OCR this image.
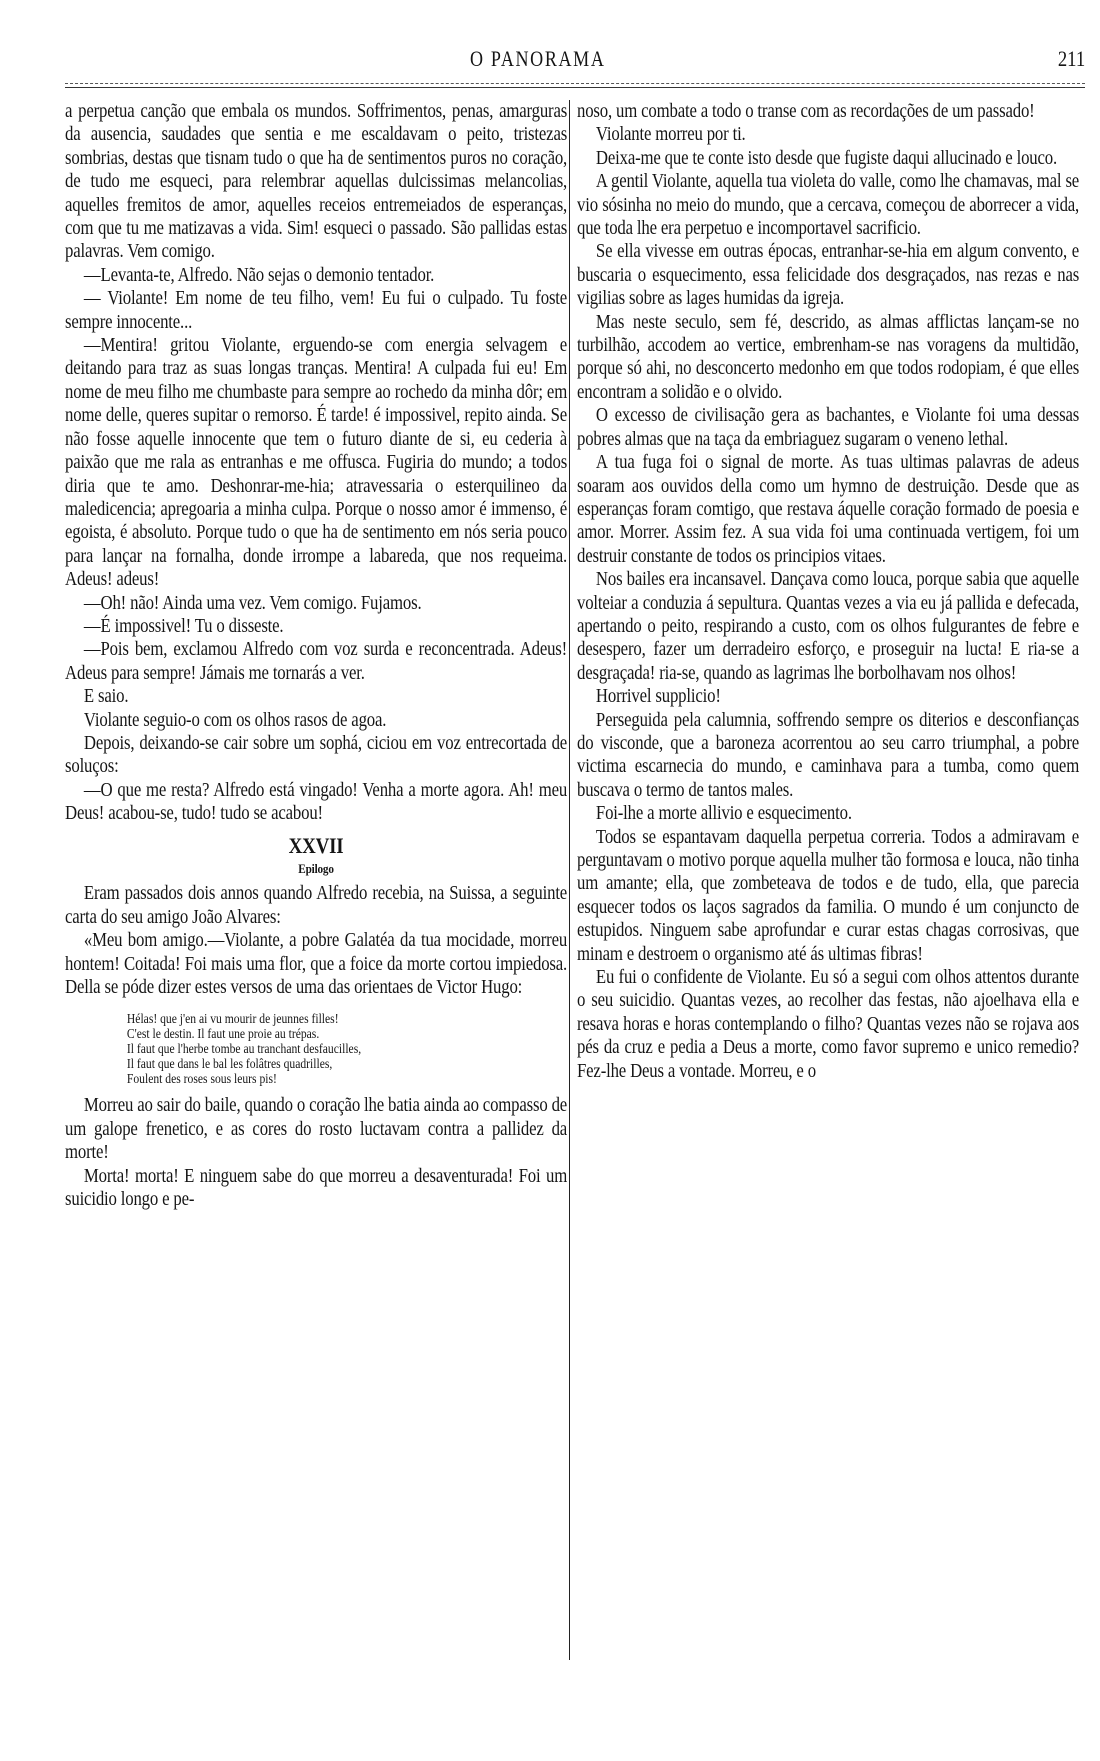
O PANORAMA	211

a perpetua canção que embala os mundos. Soffrimentos, penas, amarguras da ausencia, saudades que sentia e me escaldavam o peito, tristezas sombrias, destas que tisnam tudo o que ha de sentimentos puros no coração, de tudo me esqueci, para relembrar aquellas dulcissimas melancolias, aquelles fremitos de amor, aquelles receios entremeiados de esperanças, com que tu me matizavas a vida. Sim! esqueci o passado. São pallidas estas palavras. Vem comigo.

—Levanta-te, Alfredo. Não sejas o demonio tentador.

— Violante! Em nome de teu filho, vem! Eu fui o culpado. Tu foste sempre innocente...

—Mentira! gritou Violante, erguendo-se com energia selvagem e deitando para traz as suas longas tranças. Mentira! A culpada fui eu! Em nome de meu filho me chumbaste para sempre ao rochedo da minha dôr; em nome delle, queres supitar o remorso. É tarde! é impossivel, repito ainda. Se não fosse aquelle innocente que tem o futuro diante de si, eu cederia à paixão que me rala as entranhas e me offusca. Fugiria do mundo; a todos diria que te amo. Deshonrar-me-hia; atravessaria o esterquilineo da maledicencia; apregoaria a minha culpa. Porque o nosso amor é immenso, é egoista, é absoluto. Porque tudo o que ha de sentimento em nós seria pouco para lançar na fornalha, donde irrompe a labareda, que nos requeima. Adeus! adeus!

—Oh! não! Ainda uma vez. Vem comigo. Fujamos.

—É impossivel! Tu o disseste.

—Pois bem, exclamou Alfredo com voz surda e reconcentrada. Adeus! Adeus para sempre! Jámais me tornarás a ver.

E saio.

Violante seguio-o com os olhos rasos de agoa.

Depois, deixando-se cair sobre um sophá, ciciou em voz entrecortada de soluços:

—O que me resta? Alfredo está vingado! Venha a morte agora. Ah! meu Deus! acabou-se, tudo! tudo se acabou!

XXVII

Epilogo

Eram passados dois annos quando Alfredo recebia, na Suissa, a seguinte carta do seu amigo João Alvares:

«Meu bom amigo.—Violante, a pobre Galatéa da tua mocidade, morreu hontem! Coitada! Foi mais uma flor, que a foice da morte cortou impiedosa. Della se póde dizer estes versos de uma das orientaes de Victor Hugo:

Hélas! que j'en ai vu mourir de jeunnes filles!
C'est le destin. Il faut une proie au trépas.
Il faut que l'herbe tombe au tranchant desfaucilles,
Il faut que dans le bal les folâtres quadrilles,
Foulent des roses sous leurs pis!

Morreu ao sair do baile, quando o coração lhe batia ainda ao compasso de um galope frenetico, e as cores do rosto luctavam contra a pallidez da morte!

Morta! morta! E ninguem sabe do que morreu a desaventurada! Foi um suicidio longo e pe-

noso, um combate a todo o transe com as recordações de um passado!

Violante morreu por ti.

Deixa-me que te conte isto desde que fugiste daqui allucinado e louco.

A gentil Violante, aquella tua violeta do valle, como lhe chamavas, mal se vio sósinha no meio do mundo, que a cercava, começou de aborrecer a vida, que toda lhe era perpetuo e incomportavel sacrificio.

Se ella vivesse em outras épocas, entranhar-se-hia em algum convento, e buscaria o esquecimento, essa felicidade dos desgraçados, nas rezas e nas vigilias sobre as lages humidas da igreja.

Mas neste seculo, sem fé, descrido, as almas afflictas lançam-se no turbilhão, accodem ao vertice, embrenham-se nas voragens da multidão, porque só ahi, no desconcerto medonho em que todos rodopiam, é que elles encontram a solidão e o olvido.

O excesso de civilisação gera as bachantes, e Violante foi uma dessas pobres almas que na taça da embriaguez sugaram o veneno lethal.

A tua fuga foi o signal de morte. As tuas ultimas palavras de adeus soaram aos ouvidos della como um hymno de destruição. Desde que as esperanças foram comtigo, que restava áquelle coração formado de poesia e amor. Morrer. Assim fez. A sua vida foi uma continuada vertigem, foi um destruir constante de todos os principios vitaes.

Nos bailes era incansavel. Dançava como louca, porque sabia que aquelle volteiar a conduzia á sepultura. Quantas vezes a via eu já pallida e defecada, apertando o peito, respirando a custo, com os olhos fulgurantes de febre e desespero, fazer um derradeiro esforço, e proseguir na lucta! E ria-se a desgraçada! ria-se, quando as lagrimas lhe borbolhavam nos olhos!

Horrivel supplicio!

Perseguida pela calumnia, soffrendo sempre os diterios e desconfianças do visconde, que a baroneza acorrentou ao seu carro triumphal, a pobre victima escarnecia do mundo, e caminhava para a tumba, como quem buscava o termo de tantos males.

Foi-lhe a morte allivio e esquecimento.

Todos se espantavam daquella perpetua correria. Todos a admiravam e perguntavam o motivo porque aquella mulher tão formosa e louca, não tinha um amante; ella, que zombeteava de todos e de tudo, ella, que parecia esquecer todos os laços sagrados da familia. O mundo é um conjuncto de estupidos. Ninguem sabe aprofundar e curar estas chagas corrosivas, que minam e destroem o organismo até ás ultimas fibras!

Eu fui o confidente de Violante. Eu só a segui com olhos attentos durante o seu suicidio. Quantas vezes, ao recolher das festas, não ajoelhava ella e resava horas e horas contemplando o filho? Quantas vezes não se rojava aos pés da cruz e pedia a Deus a morte, como favor supremo e unico remedio? Fez-lhe Deus a vontade. Morreu, e o
